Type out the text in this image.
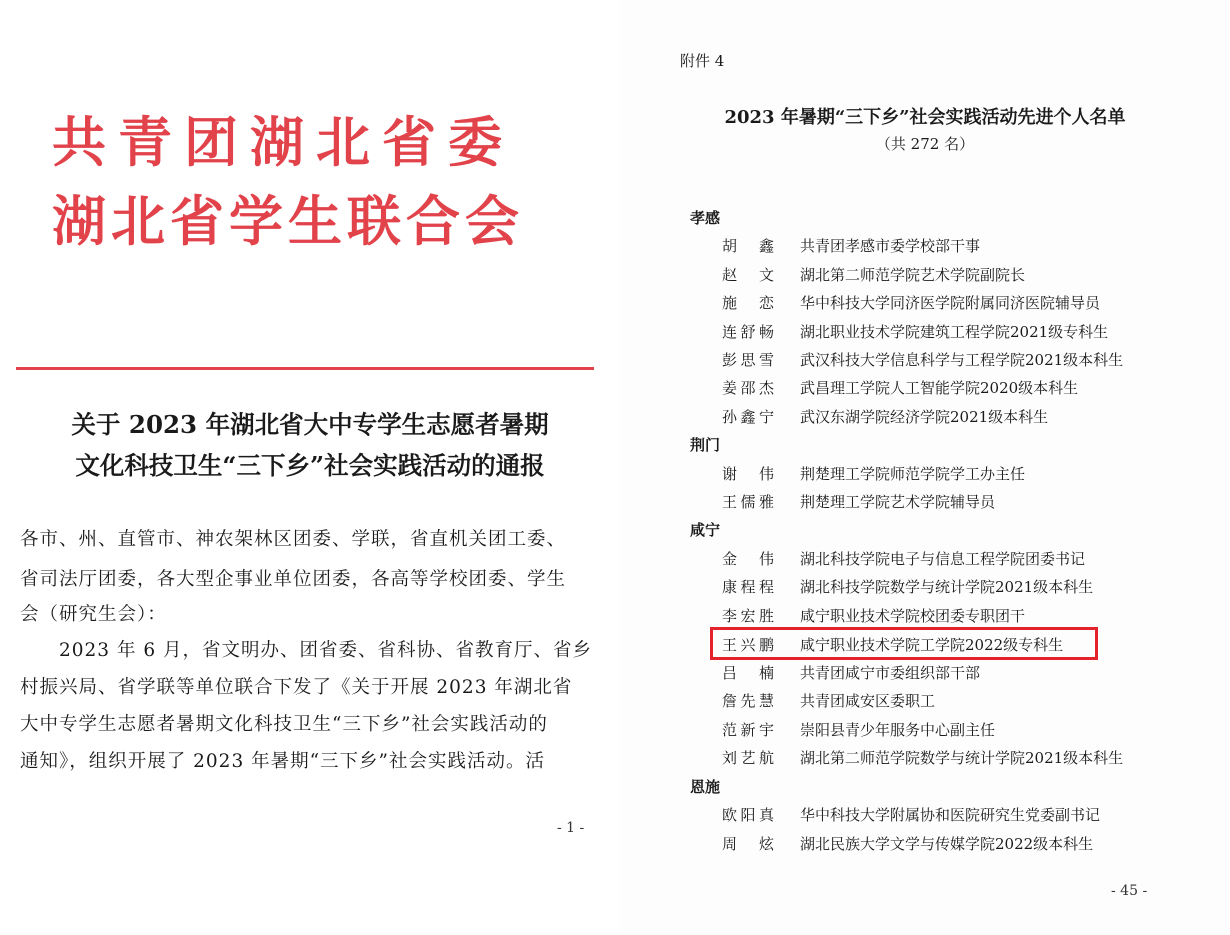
共青团湖北省委
湖北省学生联合会
关于 2023 年湖北省大中专学生志愿者暑期
文化科技卫生“三下乡”社会实践活动的通报
各市、州、直管市、神农架林区团委、学联，省直机关团工委、
省司法厅团委，各大型企事业单位团委，各高等学校团委、学生
会（研究生会）：
　　2023 年 6 月，省文明办、团省委、省科协、省教育厅、省乡
村振兴局、省学联等单位联合下发了《关于开展 2023 年湖北省
大中专学生志愿者暑期文化科技卫生“三下乡”社会实践活动的
通知》，组织开展了 2023 年暑期“三下乡”社会实践活动。活
- 1 -
附件 4
2023 年暑期“三下乡”社会实践活动先进个人名单
（共 272 名）
孝感
胡　鑫 共青团孝感市委学校部干事
赵　文 湖北第二师范学院艺术学院副院长
施　恋 华中科技大学同济医学院附属同济医院辅导员
连舒畅 湖北职业技术学院建筑工程学院2021级专科生
彭思雪 武汉科技大学信息科学与工程学院2021级本科生
姜邵杰 武昌理工学院人工智能学院2020级本科生
孙鑫宁 武汉东湖学院经济学院2021级本科生
荆门
谢　伟 荆楚理工学院师范学院学工办主任
王儒雅 荆楚理工学院艺术学院辅导员
咸宁
金　伟 湖北科技学院电子与信息工程学院团委书记
康程程 湖北科技学院数学与统计学院2021级本科生
李宏胜 咸宁职业技术学院校团委专职团干
王兴鹏 咸宁职业技术学院工学院2022级专科生
吕　楠 共青团咸宁市委组织部干部
詹先慧 共青团咸安区委职工
范新宇 崇阳县青少年服务中心副主任
刘艺航 湖北第二师范学院数学与统计学院2021级本科生
恩施
欧阳真 华中科技大学附属协和医院研究生党委副书记
周　炫 湖北民族大学文学与传媒学院2022级本科生
- 45 -
